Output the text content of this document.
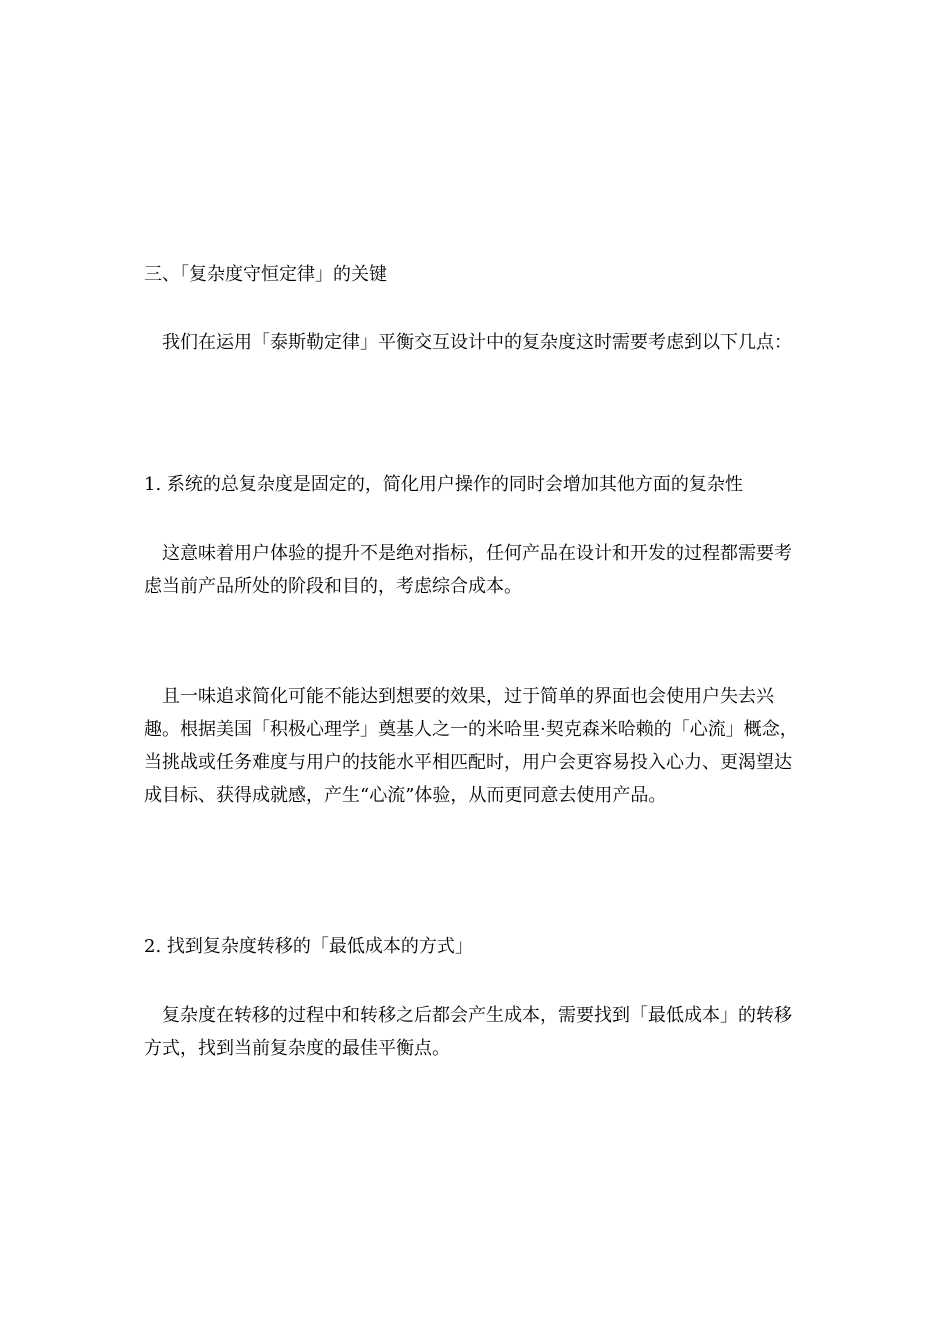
三、「复杂度守恒定律」的关键

我们在运用「泰斯勒定律」平衡交互设计中的复杂度这时需要考虑到以下几点：

1. 系统的总复杂度是固定的，简化用户操作的同时会增加其他方面的复杂性

这意味着用户体验的提升不是绝对指标，任何产品在设计和开发的过程都需要考虑当前产品所处的阶段和目的，考虑综合成本。

且一味追求简化可能不能达到想要的效果，过于简单的界面也会使用户失去兴趣。根据美国「积极心理学」奠基人之一的米哈里·契克森米哈赖的「心流」概念，当挑战或任务难度与用户的技能水平相匹配时，用户会更容易投入心力、更渴望达成目标、获得成就感，产生“心流”体验，从而更同意去使用产品。

2. 找到复杂度转移的「最低成本的方式」

复杂度在转移的过程中和转移之后都会产生成本，需要找到「最低成本」的转移方式，找到当前复杂度的最佳平衡点。
